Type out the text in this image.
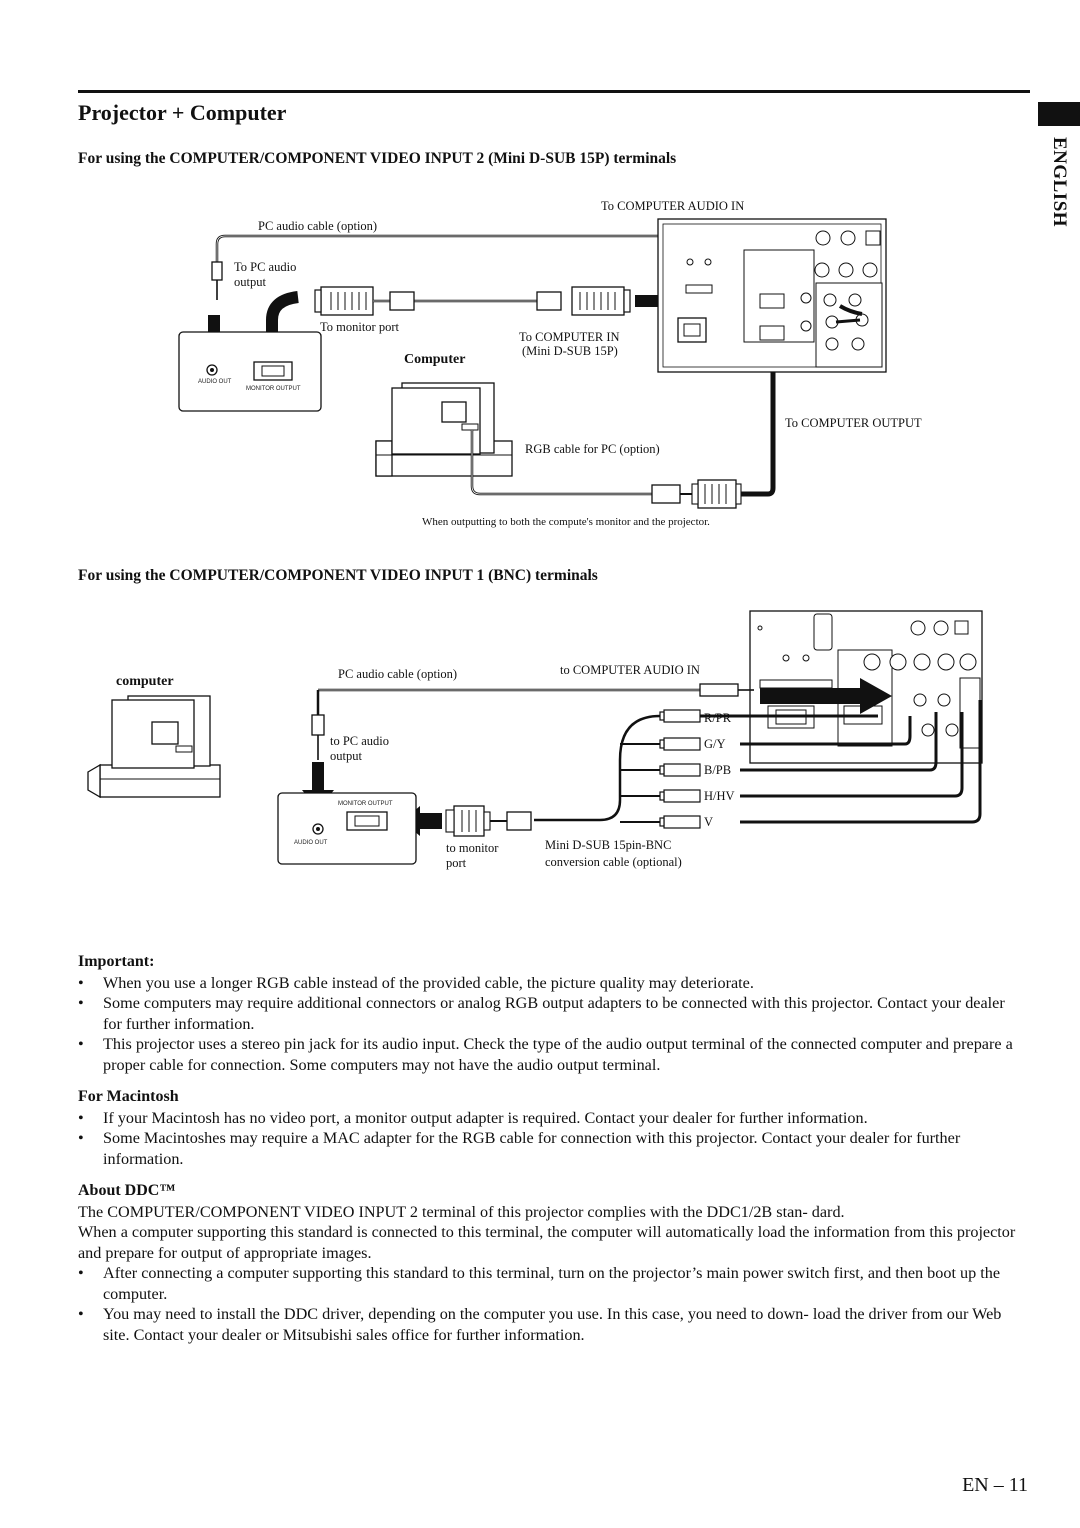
ENGLISH
Projector + Computer
For using the COMPUTER/COMPONENT VIDEO INPUT 2 (Mini D-SUB 15P) terminals
To COMPUTER AUDIO IN
PC audio cable (option)
To PC audio
output
To monitor port
To COMPUTER IN
(Mini D-SUB 15P)
Computer
AUDIO OUT
MONITOR OUTPUT
To COMPUTER OUTPUT
RGB cable for PC (option)
When outputting to both the compute's monitor and the projector.
For using the COMPUTER/COMPONENT VIDEO INPUT 1 (BNC) terminals
computer	PC audio cable (option)	to COMPUTER AUDIO IN
to PC audio
output
MONITOR OUTPUT
AUDIO OUT	to monitor
port
Mini D-SUB 15pin-BNC
conversion cable (optional)
R/PR
G/Y
B/PB
H/HV
V
Important:
• When you use a longer RGB cable instead of the provided cable, the picture quality may deteriorate.
• Some computers may require additional connectors or analog RGB output adapters to be connected with this projector. Contact your dealer for further information.
• This projector uses a stereo pin jack for its audio input. Check the type of the audio output terminal of the connected computer and prepare a proper cable for connection. Some computers may not have the audio output terminal.
For Macintosh
• If your Macintosh has no video port, a monitor output adapter is required. Contact your dealer for further information.
• Some Macintoshes may require a MAC adapter for the RGB cable for connection with this projector. Contact your dealer for further information.
About DDC™

The COMPUTER/COMPONENT VIDEO INPUT 2 terminal of this projector complies with the DDC1/2B stan- dard.

When a computer supporting this standard is connected to this terminal, the computer will automatically load the information from this projector and prepare for output of appropriate images.

• After connecting a computer supporting this standard to this terminal, turn on the projector’s main power switch first, and then boot up the computer.
• You may need to install the DDC driver, depending on the computer you use. In this case, you need to down- load the driver from our Web site. Contact your dealer or Mitsubishi sales office for further information.
EN – 11
